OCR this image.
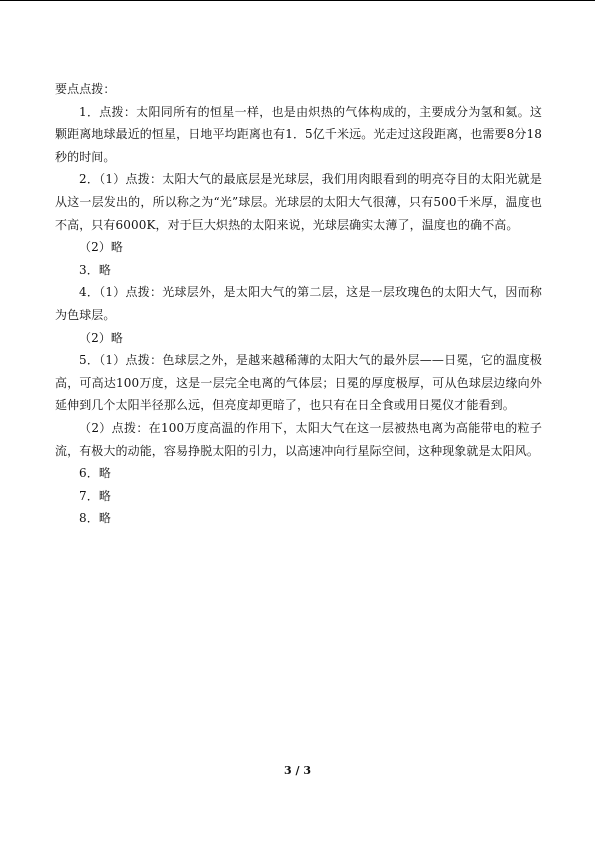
要点点拨：

1．点拨：太阳同所有的恒星一样，也是由炽热的气体构成的，主要成分为氢和氦。这颗距离地球最近的恒星，日地平均距离也有1．5亿千米远。光走过这段距离，也需要8分18秒的时间。

2．（1）点拨：太阳大气的最底层是光球层，我们用肉眼看到的明亮夺目的太阳光就是从这一层发出的，所以称之为“光”球层。光球层的太阳大气很薄，只有500千米厚，温度也不高，只有6000K，对于巨大炽热的太阳来说，光球层确实太薄了，温度也的确不高。

（2）略

3．略

4．（1）点拨：光球层外，是太阳大气的第二层，这是一层玫瑰色的太阳大气，因而称为色球层。

（2）略

5．（1）点拨：色球层之外，是越来越稀薄的太阳大气的最外层——日冕，它的温度极高，可高达100万度，这是一层完全电离的气体层；日冕的厚度极厚，可从色球层边缘向外延伸到几个太阳半径那么远，但亮度却更暗了，也只有在日全食或用日冕仪才能看到。

（2）点拨：在100万度高温的作用下，太阳大气在这一层被热电离为高能带电的粒子流，有极大的动能，容易挣脱太阳的引力，以高速冲向行星际空间，这种现象就是太阳风。

6．略

7．略

8．略

3 / 3
